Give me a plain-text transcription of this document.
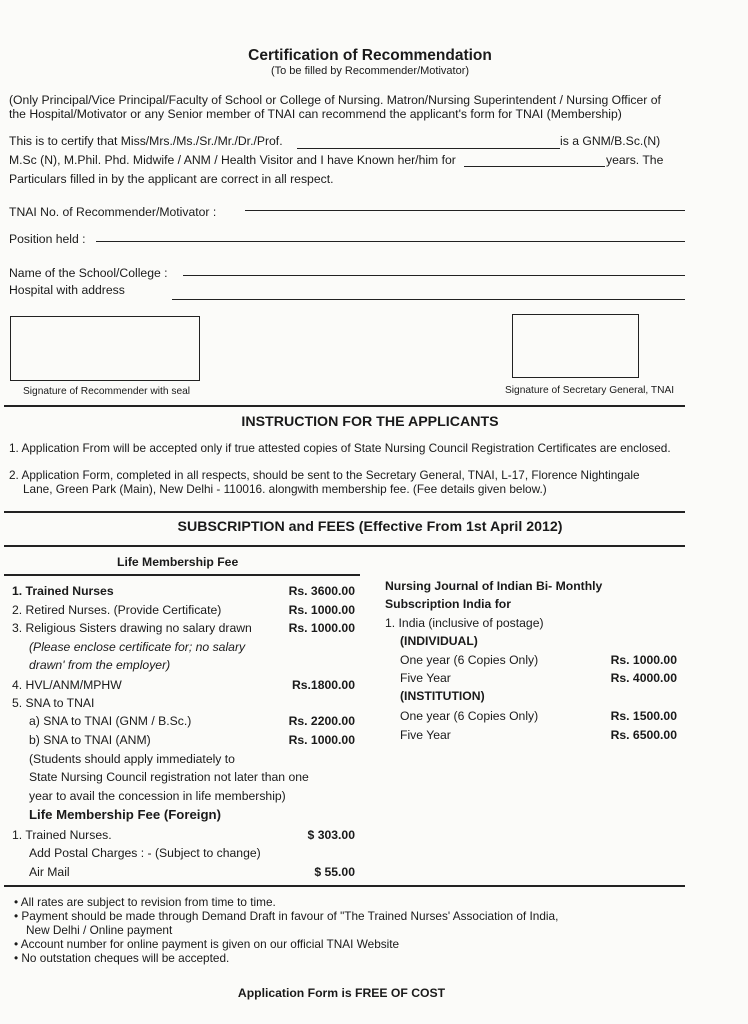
Certification of Recommendation
(To be filled by Recommender/Motivator)
(Only Principal/Vice Principal/Faculty of School or College of Nursing. Matron/Nursing Superintendent / Nursing Officer of
the Hospital/Motivator or any Senior member of TNAI can recommend the applicant's form for TNAI (Membership)
This is to certify that Miss/Mrs./Ms./Sr./Mr./Dr./Prof.	is a GNM/B.Sc.(N)
M.Sc (N), M.Phil. Phd. Midwife / ANM / Health Visitor and I have Known her/him for	years. The
Particulars filled in by the applicant are correct in all respect.
TNAI No. of Recommender/Motivator :
Position held :
Name of the School/College :
Hospital with address
Signature of Recommender with seal	Signature of Secretary General, TNAI
INSTRUCTION FOR THE APPLICANTS
1. Application From will be accepted only if true attested copies of State Nursing Council Registration Certificates are enclosed.
2. Application Form, completed in all respects, should be sent to the Secretary General, TNAI, L-17, Florence Nightingale
Lane, Green Park (Main), New Delhi - 110016. alongwith membership fee. (Fee details given below.)
SUBSCRIPTION and FEES (Effective From 1st April 2012)
Life Membership Fee
1. Trained Nurses	Rs. 3600.00
2. Retired Nurses. (Provide Certificate)	Rs. 1000.00
3. Religious Sisters drawing no salary drawn	Rs. 1000.00
(Please enclose certificate for; no salary
drawn' from the employer)
4. HVL/ANM/MPHW	Rs.1800.00
5. SNA to TNAI
a) SNA to TNAI (GNM / B.Sc.)	Rs. 2200.00
b) SNA to TNAI (ANM)	Rs. 1000.00
(Students should apply immediately to
State Nursing Council registration not later than one
year to avail the concession in life membership)
Life Membership Fee (Foreign)
1. Trained Nurses.	$ 303.00
Add Postal Charges : - (Subject to change)
Air Mail	$ 55.00
Nursing Journal of Indian Bi- Monthly
Subscription India for
1. India (inclusive of postage)
(INDIVIDUAL)
One year (6 Copies Only)	Rs. 1000.00
Five Year	Rs. 4000.00
(INSTITUTION)
One year (6 Copies Only)	Rs. 1500.00
Five Year	Rs. 6500.00
• All rates are subject to revision from time to time.
• Payment should be made through Demand Draft in favour of "The Trained Nurses' Association of India,
New Delhi / Online payment
• Account number for online payment is given on our official TNAI Website
• No outstation cheques will be accepted.
Application Form is FREE OF COST
